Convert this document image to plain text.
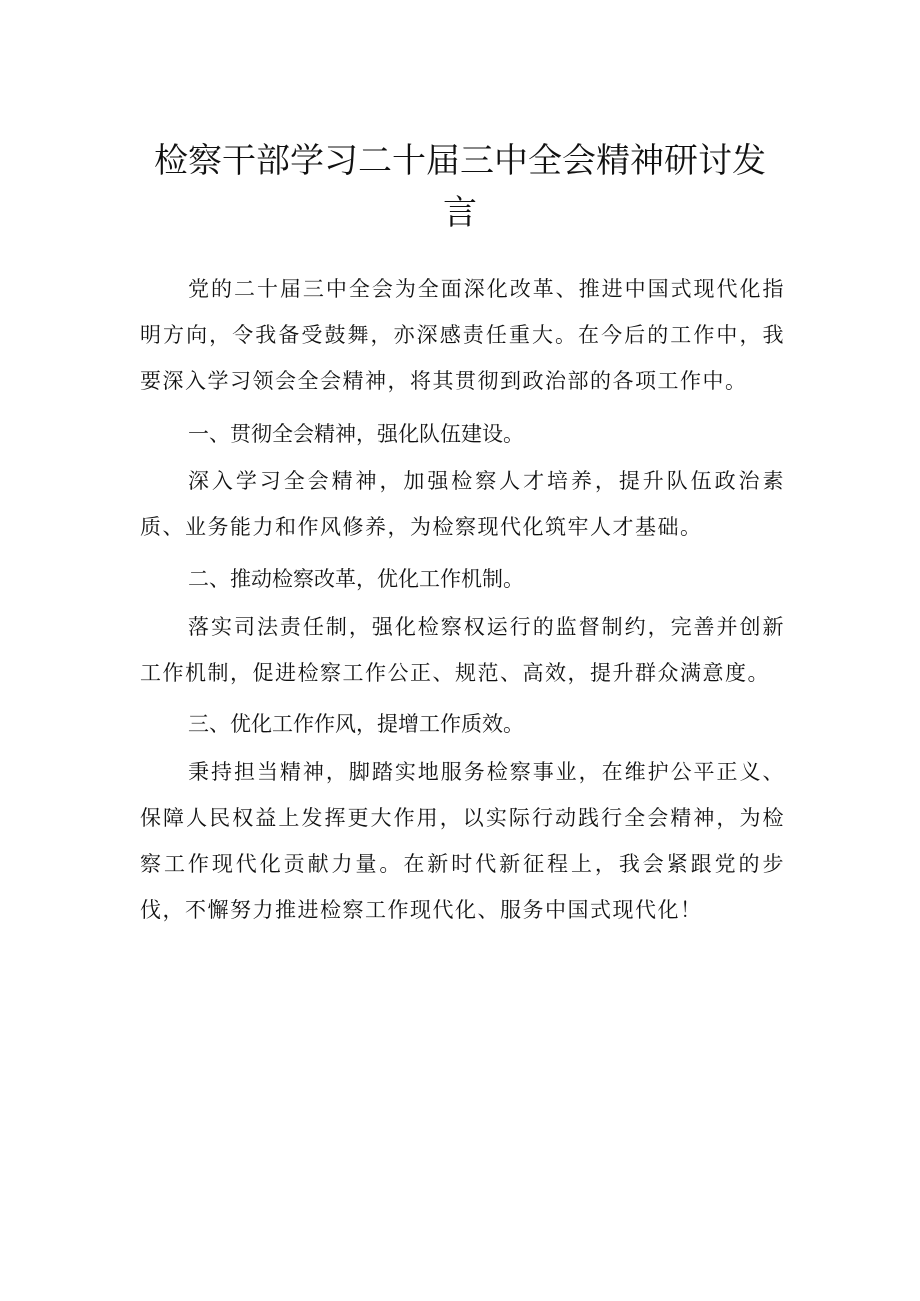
检察干部学习二十届三中全会精神研讨发
言

党的二十届三中全会为全面深化改革、推进中国式现代化指明方向，令我备受鼓舞，亦深感责任重大。在今后的工作中，我要深入学习领会全会精神，将其贯彻到政治部的各项工作中。

一、贯彻全会精神，强化队伍建设。

深入学习全会精神，加强检察人才培养，提升队伍政治素质、业务能力和作风修养，为检察现代化筑牢人才基础。

二、推动检察改革，优化工作机制。

落实司法责任制，强化检察权运行的监督制约，完善并创新工作机制，促进检察工作公正、规范、高效，提升群众满意度。

三、优化工作作风，提增工作质效。

秉持担当精神，脚踏实地服务检察事业，在维护公平正义、保障人民权益上发挥更大作用，以实际行动践行全会精神，为检察工作现代化贡献力量。在新时代新征程上，我会紧跟党的步伐，不懈努力推进检察工作现代化、服务中国式现代化！
